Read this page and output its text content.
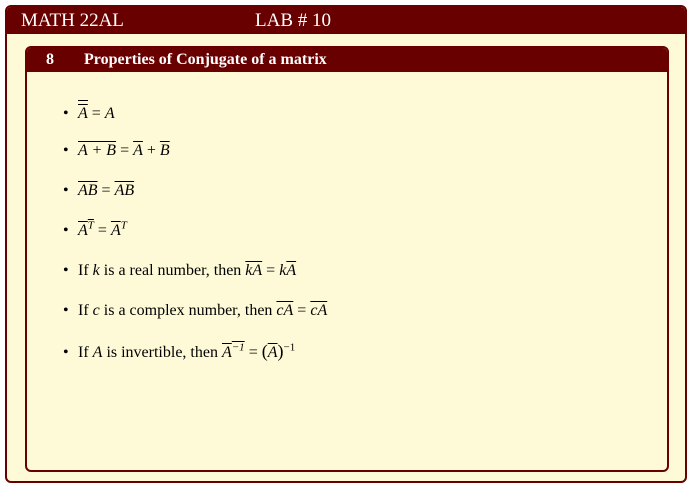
MATH 22AL	LAB # 10
8 Properties of Conjugate of a matrix
• $\overline{A} = A$
• $A + B = \overline{A} + \overline{B}$
• $\overline{AB} = \overline{AB}$
• $A^T = \overline{A}^T$
• If k is a real number, then $\overline{kA} = k\overline{A}$
• If c is a complex number, then $\overline{cA} = \overline{c}\overline{A}$
• If A is invertible, then $A^{-1} = (\overline{A})^{-1}$
